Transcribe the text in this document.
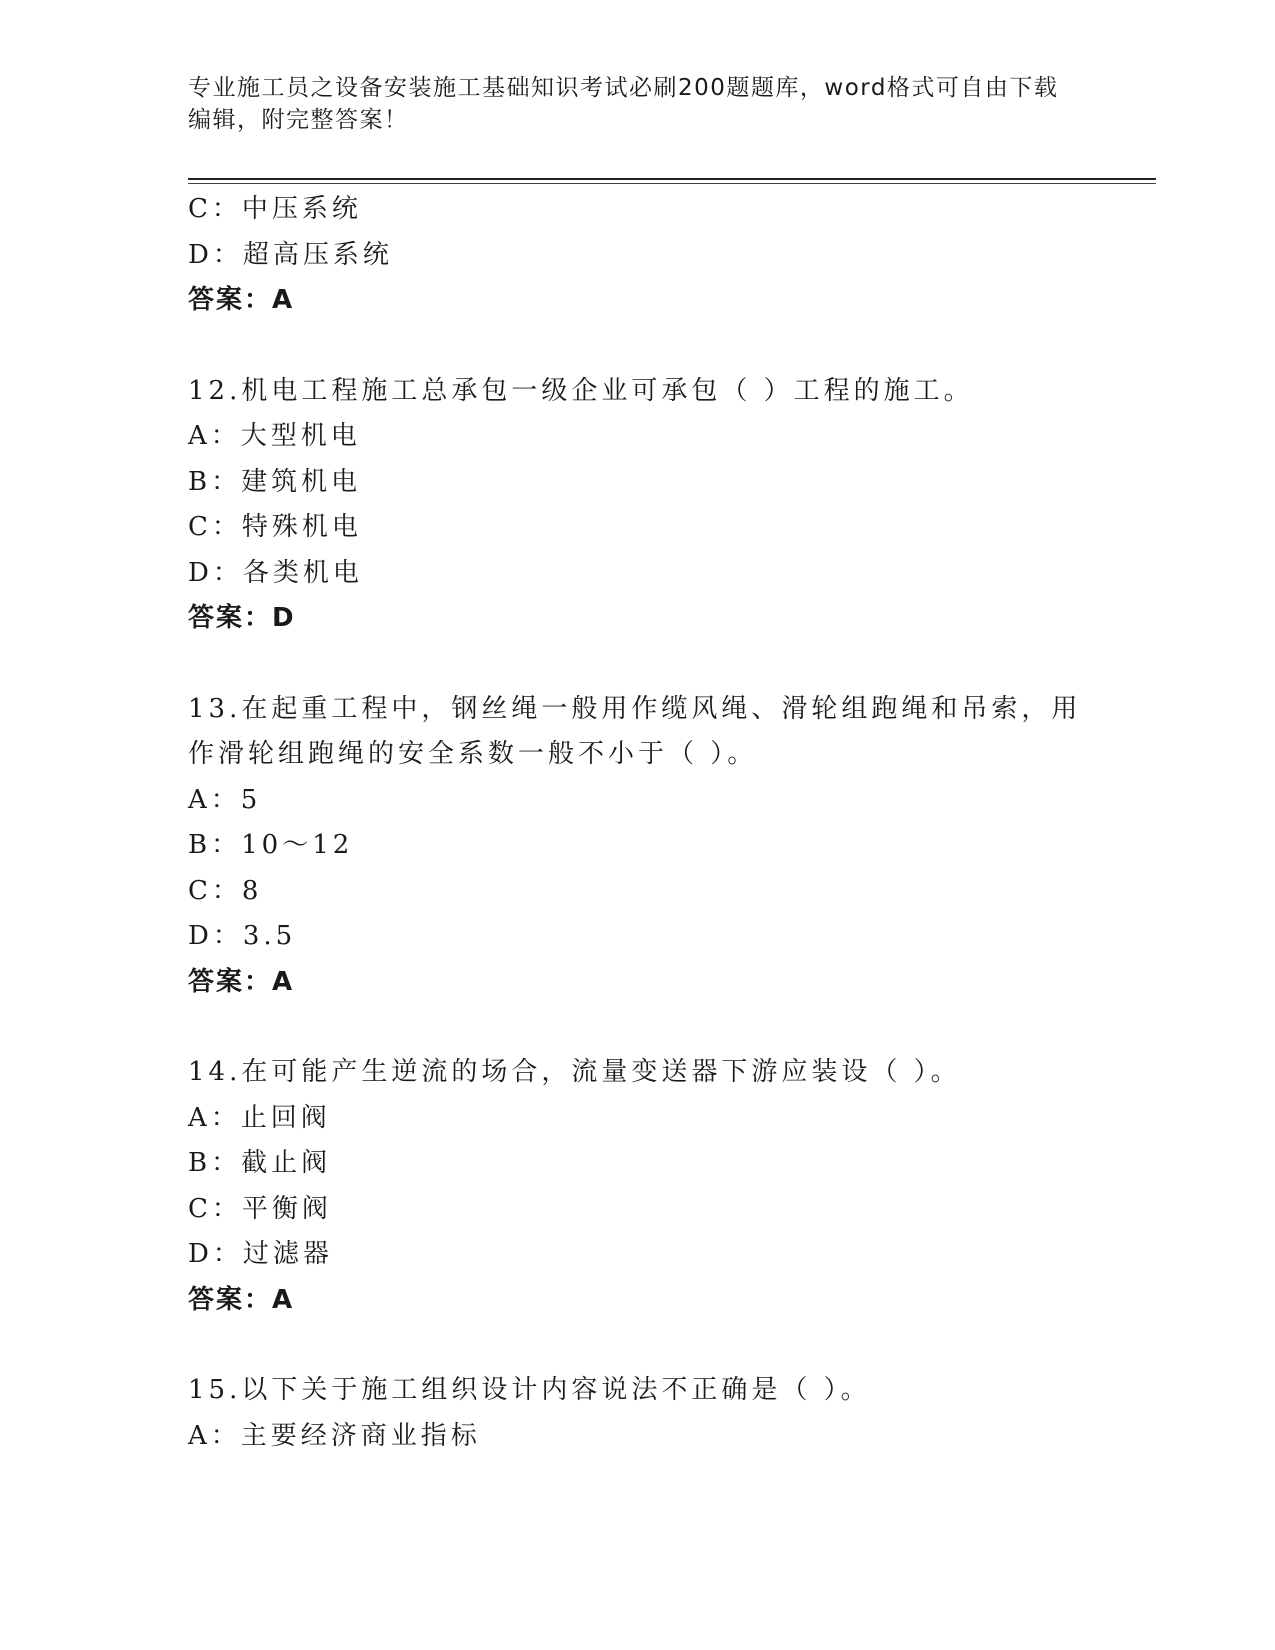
专业施工员之设备安装施工基础知识考试必刷200题题库，word格式可自由下载编辑，附完整答案！
C：中压系统
D：超高压系统
答案：A
12.机电工程施工总承包一级企业可承包（ ）工程的施工。
A：大型机电
B：建筑机电
C：特殊机电
D：各类机电
答案：D
13.在起重工程中，钢丝绳一般用作缆风绳、滑轮组跑绳和吊索，用作滑轮组跑绳的安全系数一般不小于（ ）。
A：5
B：10～12
C：8
D：3.5
答案：A
14.在可能产生逆流的场合，流量变送器下游应装设（ ）。
A：止回阀
B：截止阀
C：平衡阀
D：过滤器
答案：A
15.以下关于施工组织设计内容说法不正确是（ ）。
A：主要经济商业指标
